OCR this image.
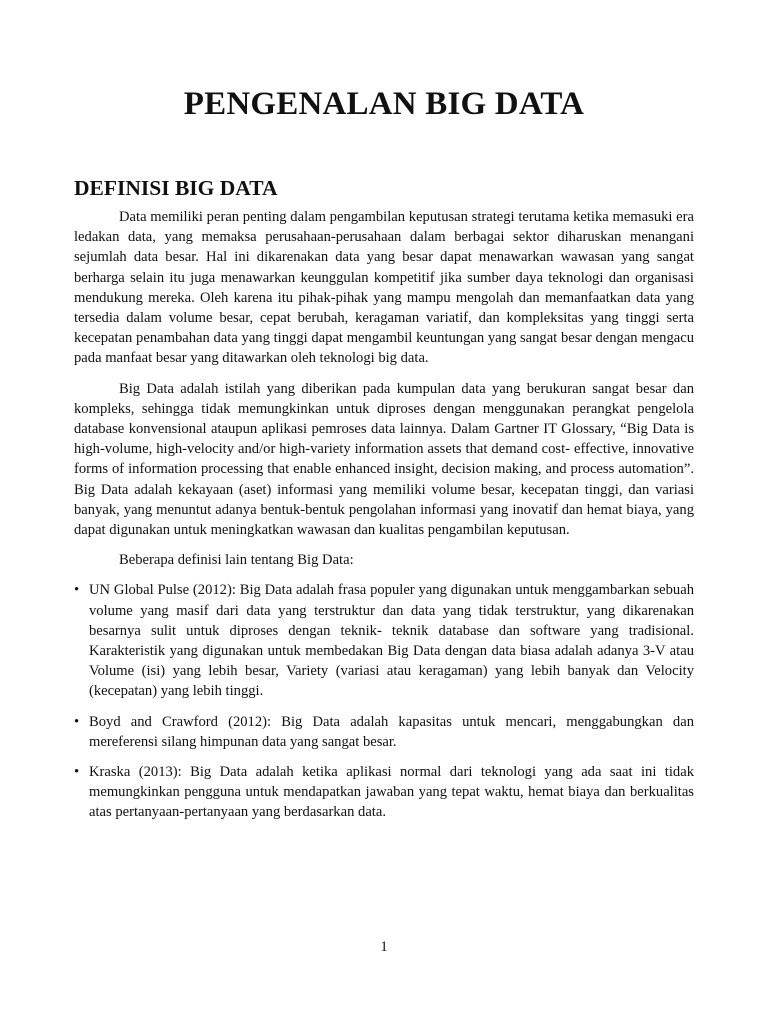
PENGENALAN BIG DATA
DEFINISI BIG DATA

Data memiliki peran penting dalam pengambilan keputusan strategi terutama ketika memasuki era ledakan data, yang memaksa perusahaan-perusahaan dalam berbagai sektor diharuskan menangani sejumlah data besar. Hal ini dikarenakan data yang besar dapat menawarkan wawasan yang sangat berharga selain itu juga menawarkan keunggulan kompetitif jika sumber daya teknologi dan organisasi mendukung mereka. Oleh karena itu pihak-pihak yang mampu mengolah dan memanfaatkan data yang tersedia dalam volume besar, cepat berubah, keragaman variatif, dan kompleksitas yang tinggi serta kecepatan penambahan data yang tinggi dapat mengambil keuntungan yang sangat besar dengan mengacu pada manfaat besar yang ditawarkan oleh teknologi big data.

Big Data adalah istilah yang diberikan pada kumpulan data yang berukuran sangat besar dan kompleks, sehingga tidak memungkinkan untuk diproses dengan menggunakan perangkat pengelola database konvensional ataupun aplikasi pemroses data lainnya. Dalam Gartner IT Glossary, “Big Data is high-volume, high-velocity and/or high-variety information assets that demand cost- effective, innovative forms of information processing that enable enhanced insight, decision making, and process automation”. Big Data adalah kekayaan (aset) informasi yang memiliki volume besar, kecepatan tinggi, dan variasi banyak, yang menuntut adanya bentuk-bentuk pengolahan informasi yang inovatif dan hemat biaya, yang dapat digunakan untuk meningkatkan wawasan dan kualitas pengambilan keputusan.

Beberapa definisi lain tentang Big Data:

• UN Global Pulse (2012): Big Data adalah frasa populer yang digunakan untuk menggambarkan sebuah volume yang masif dari data yang terstruktur dan data yang tidak terstruktur, yang dikarenakan besarnya sulit untuk diproses dengan teknik- teknik database dan software yang tradisional. Karakteristik yang digunakan untuk membedakan Big Data dengan data biasa adalah adanya 3-V atau Volume (isi) yang lebih besar, Variety (variasi atau keragaman) yang lebih banyak dan Velocity (kecepatan) yang lebih tinggi.
• Boyd and Crawford (2012): Big Data adalah kapasitas untuk mencari, menggabungkan dan mereferensi silang himpunan data yang sangat besar.
• Kraska (2013): Big Data adalah ketika aplikasi normal dari teknologi yang ada saat ini tidak memungkinkan pengguna untuk mendapatkan jawaban yang tepat waktu, hemat biaya dan berkualitas atas pertanyaan-pertanyaan yang berdasarkan data.
1
